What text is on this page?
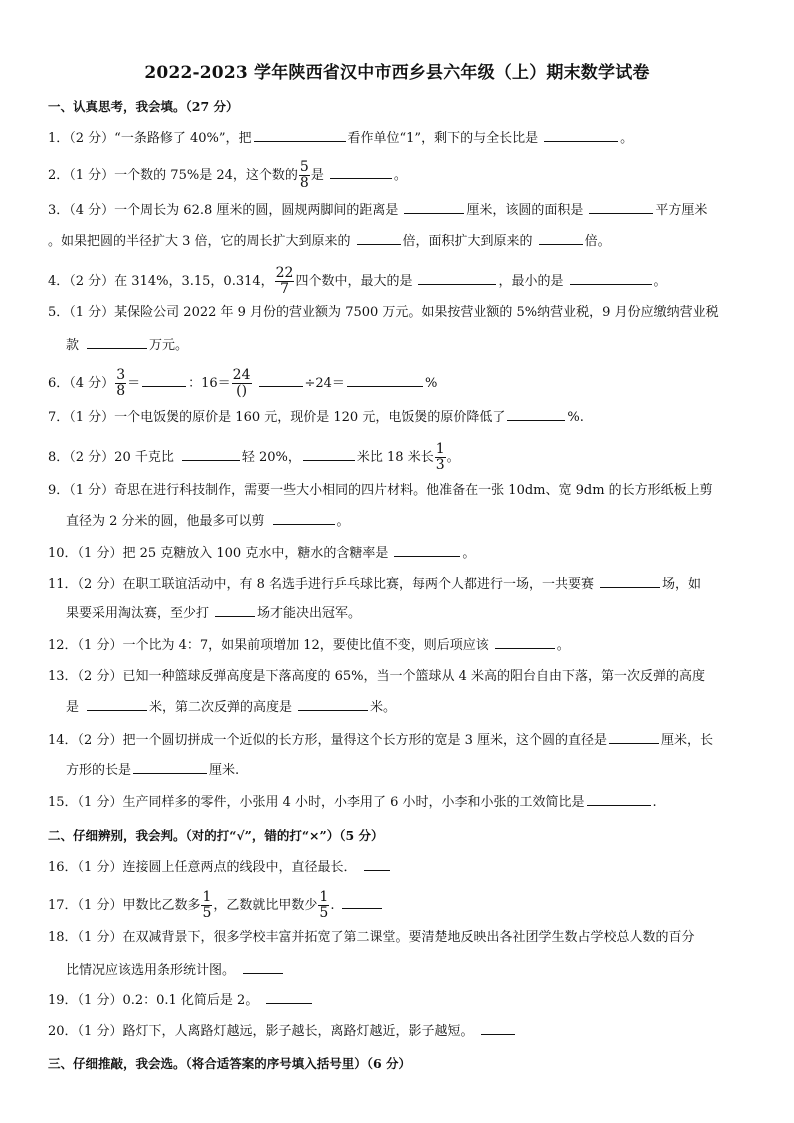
2022-2023 学年陕西省汉中市西乡县六年级（上）期末数学试卷
一、认真思考，我会填。（27 分）
1．（2 分）“一条路修了 40%”，把	看作单位“1”，剩下的与全长比是	。
2．（1 分）一个数的 75%是 24，这个数的 $\frac{5}{8}$ 是	。
3．（4 分）一个周长为 62.8 厘米的圆，圆规两脚间的距离是	厘米，该圆的面积是	平方厘米
。如果把圆的半径扩大 3 倍，它的周长扩大到原来的	倍，面积扩大到原来的	倍。
4．（2 分）在 314%，3.15，0.314， $\frac{22}{7}$ 四个数中，最大的是	，最小的是	。
5．（1 分）某保险公司 2022 年 9 月份的营业额为 7500 万元。如果按营业额的 5%纳营业税，9 月份应缴纳营业税
款	万元。
6．（4 分） $\frac{3}{8}$ ＝	：$16= \frac{24}{()}$	÷24＝	%
7．（1 分）一个电饭煲的原价是 160 元，现价是 120 元，电饭煲的原价降低了	%.
8．（2 分）20 千克比	轻 20%，	米比 18 米长 $\frac{1}{3}$ 。
9．（1 分）奇思在进行科技制作，需要一些大小相同的四片材料。他准备在一张 10dm、宽 9dm 的长方形纸板上剪
直径为 2 分米的圆，他最多可以剪	。
10．（1 分）把 25 克糖放入 100 克水中，糖水的含糖率是	。
11．（2 分）在职工联谊活动中，有 8 名选手进行乒乓球比赛，每两个人都进行一场，一共要赛	场，如
果要采用淘汰赛，至少打	场才能决出冠军。
12．（1 分）一个比为 4：7，如果前项增加 12，要使比值不变，则后项应该	。
13．（2 分）已知一种篮球反弹高度是下落高度的 65%，当一个篮球从 4 米高的阳台自由下落，第一次反弹的高度
是	米，第二次反弹的高度是	米。
14．（2 分）把一个圆切拼成一个近似的长方形，量得这个长方形的宽是 3 厘米，这个圆的直径是	厘米，长
方形的长是	厘米.
15．（1 分）生产同样多的零件，小张用 4 小时，小李用了 6 小时，小李和小张的工效简比是	.
二、仔细辨别，我会判。（对的打“√”，错的打“×”）（5 分）
16．（1 分）连接圆上任意两点的线段中，直径最长．
17．（1 分）甲数比乙数多 $\frac{1}{5}$ ，乙数就比甲数少 $\frac{1}{5}$ .
18．（1 分）在双减背景下，很多学校丰富并拓宽了第二课堂。要清楚地反映出各社团学生数占学校总人数的百分
比情况应该选用条形统计图。
19．（1 分）0.2：0.1 化简后是 2。
20．（1 分）路灯下，人离路灯越远，影子越长，离路灯越近，影子越短。
三、仔细推敲，我会选。（将合适答案的序号填入括号里）（6 分）
